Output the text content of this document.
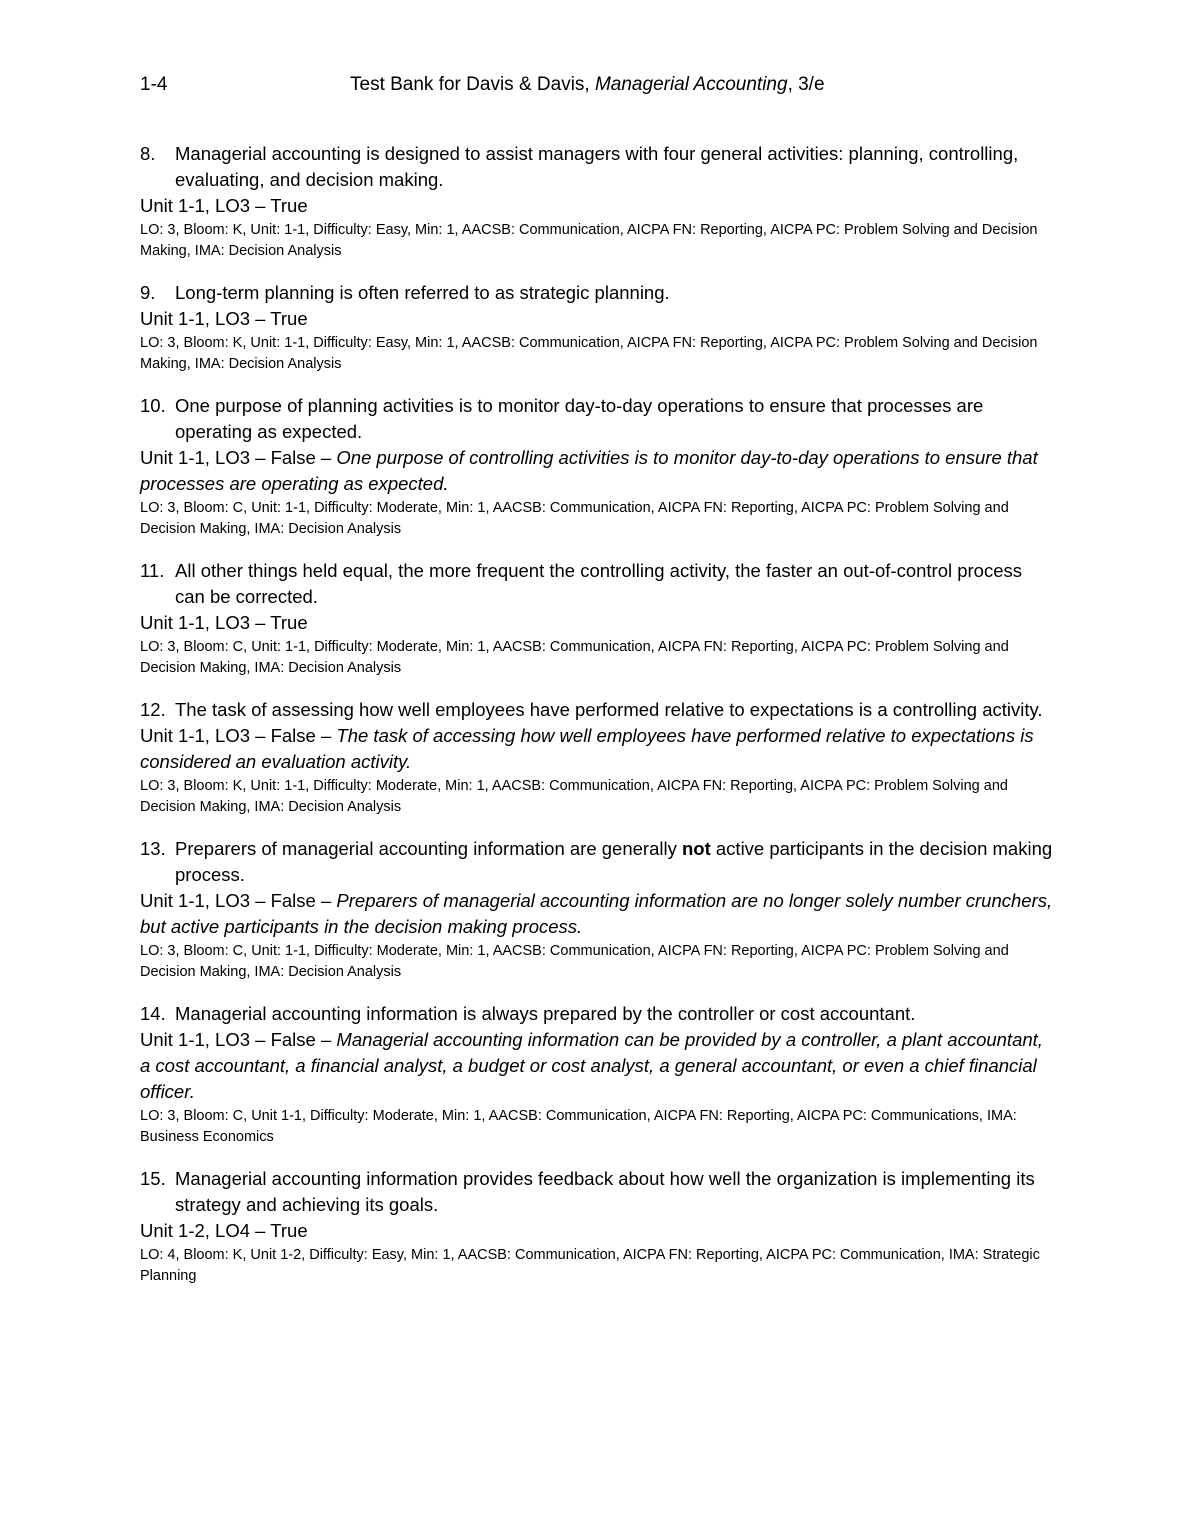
1-4	Test Bank for Davis & Davis, Managerial Accounting, 3/e
8.	Managerial accounting is designed to assist managers with four general activities: planning, controlling, evaluating, and decision making.
Unit 1-1, LO3 – True
LO: 3, Bloom: K, Unit: 1-1, Difficulty: Easy, Min: 1, AACSB: Communication, AICPA FN: Reporting, AICPA PC: Problem Solving and Decision Making, IMA: Decision Analysis
9.	Long-term planning is often referred to as strategic planning.
Unit 1-1, LO3 – True
LO: 3, Bloom: K, Unit: 1-1, Difficulty: Easy, Min: 1, AACSB: Communication, AICPA FN: Reporting, AICPA PC: Problem Solving and Decision Making, IMA: Decision Analysis
10. One purpose of planning activities is to monitor day-to-day operations to ensure that processes are operating as expected.
Unit 1-1, LO3 – False – One purpose of controlling activities is to monitor day-to-day operations to ensure that processes are operating as expected.
LO: 3, Bloom: C, Unit: 1-1, Difficulty: Moderate, Min: 1, AACSB: Communication, AICPA FN: Reporting, AICPA PC: Problem Solving and Decision Making, IMA: Decision Analysis
11. All other things held equal, the more frequent the controlling activity, the faster an out-of-control process can be corrected.
Unit 1-1, LO3 – True
LO: 3, Bloom: C, Unit: 1-1, Difficulty: Moderate, Min: 1, AACSB: Communication, AICPA FN: Reporting, AICPA PC: Problem Solving and Decision Making, IMA: Decision Analysis
12. The task of assessing how well employees have performed relative to expectations is a controlling activity.
Unit 1-1, LO3 – False – The task of accessing how well employees have performed relative to expectations is considered an evaluation activity.
LO: 3, Bloom: K, Unit: 1-1, Difficulty: Moderate, Min: 1, AACSB: Communication, AICPA FN: Reporting, AICPA PC: Problem Solving and Decision Making, IMA: Decision Analysis
13. Preparers of managerial accounting information are generally not active participants in the decision making process.
Unit 1-1, LO3 – False – Preparers of managerial accounting information are no longer solely number crunchers, but active participants in the decision making process.
LO: 3, Bloom: C, Unit: 1-1, Difficulty: Moderate, Min: 1, AACSB: Communication, AICPA FN: Reporting, AICPA PC: Problem Solving and Decision Making, IMA: Decision Analysis
14. Managerial accounting information is always prepared by the controller or cost accountant.
Unit 1-1, LO3 – False – Managerial accounting information can be provided by a controller, a plant accountant, a cost accountant, a financial analyst, a budget or cost analyst, a general accountant, or even a chief financial officer.
LO: 3, Bloom: C, Unit 1-1, Difficulty: Moderate, Min: 1, AACSB: Communication, AICPA FN: Reporting, AICPA PC: Communications, IMA: Business Economics
15. Managerial accounting information provides feedback about how well the organization is implementing its strategy and achieving its goals.
Unit 1-2, LO4 – True
LO: 4, Bloom: K, Unit 1-2, Difficulty: Easy, Min: 1, AACSB: Communication, AICPA FN: Reporting, AICPA PC: Communication, IMA: Strategic Planning
